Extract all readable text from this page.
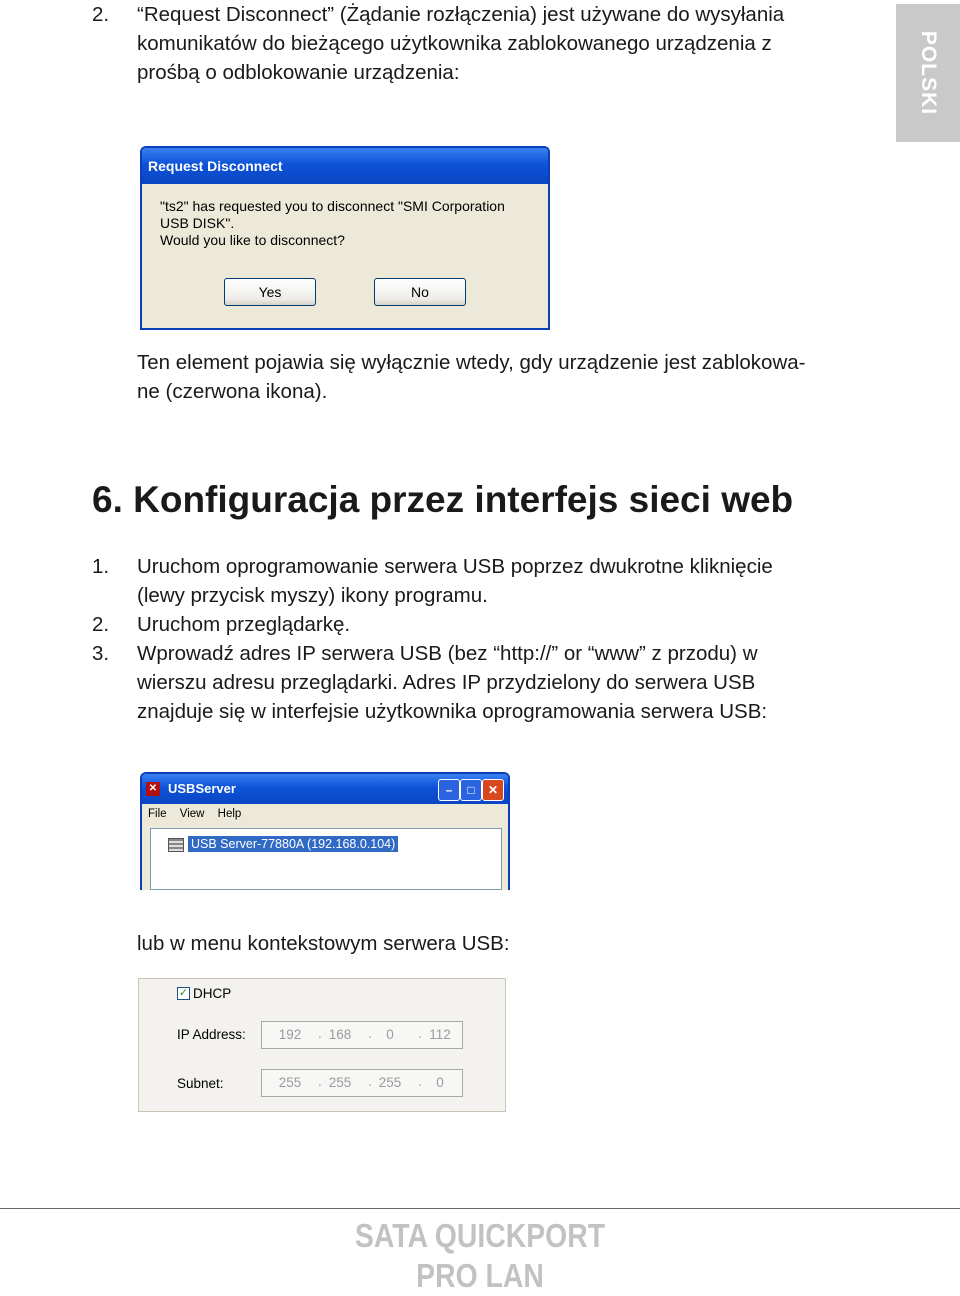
POLSKI
2. “Request Disconnect” (Żądanie rozłączenia) jest używane do wysyłania
komunikatów do bieżącego użytkownika zablokowanego urządzenia z
prośbą o odblokowanie urządzenia:
Request Disconnect
"ts2" has requested you to disconnect "SMI Corporation
USB DISK".
Would you like to disconnect?
Yes	No
Ten element pojawia się wyłącznie wtedy, gdy urządzenie jest zablokowa-
ne (czerwona ikona).
6. Konfiguracja przez interfejs sieci web
1. Uruchom oprogramowanie serwera USB poprzez dwukrotne kliknięcie
(lewy przycisk myszy) ikony programu.
2. Uruchom przeglądarkę.
3. Wprowadź adres IP serwera USB (bez “http://” or “www” z przodu) w
wierszu adresu przeglądarki. Adres IP przydzielony do serwera USB
znajduje się w interfejsie użytkownika oprogramowania serwera USB:
✕ USBServer	–	□	✕
File View Help
USB Server-77880A (192.168.0.104)
lub w menu kontekstowym serwera USB:
✓ DHCP
IP Address:	192	. 168	.	0	. 112
Subnet:	255	. 255	. 255	.	0
SATA QUICKPORT PRO LAN
